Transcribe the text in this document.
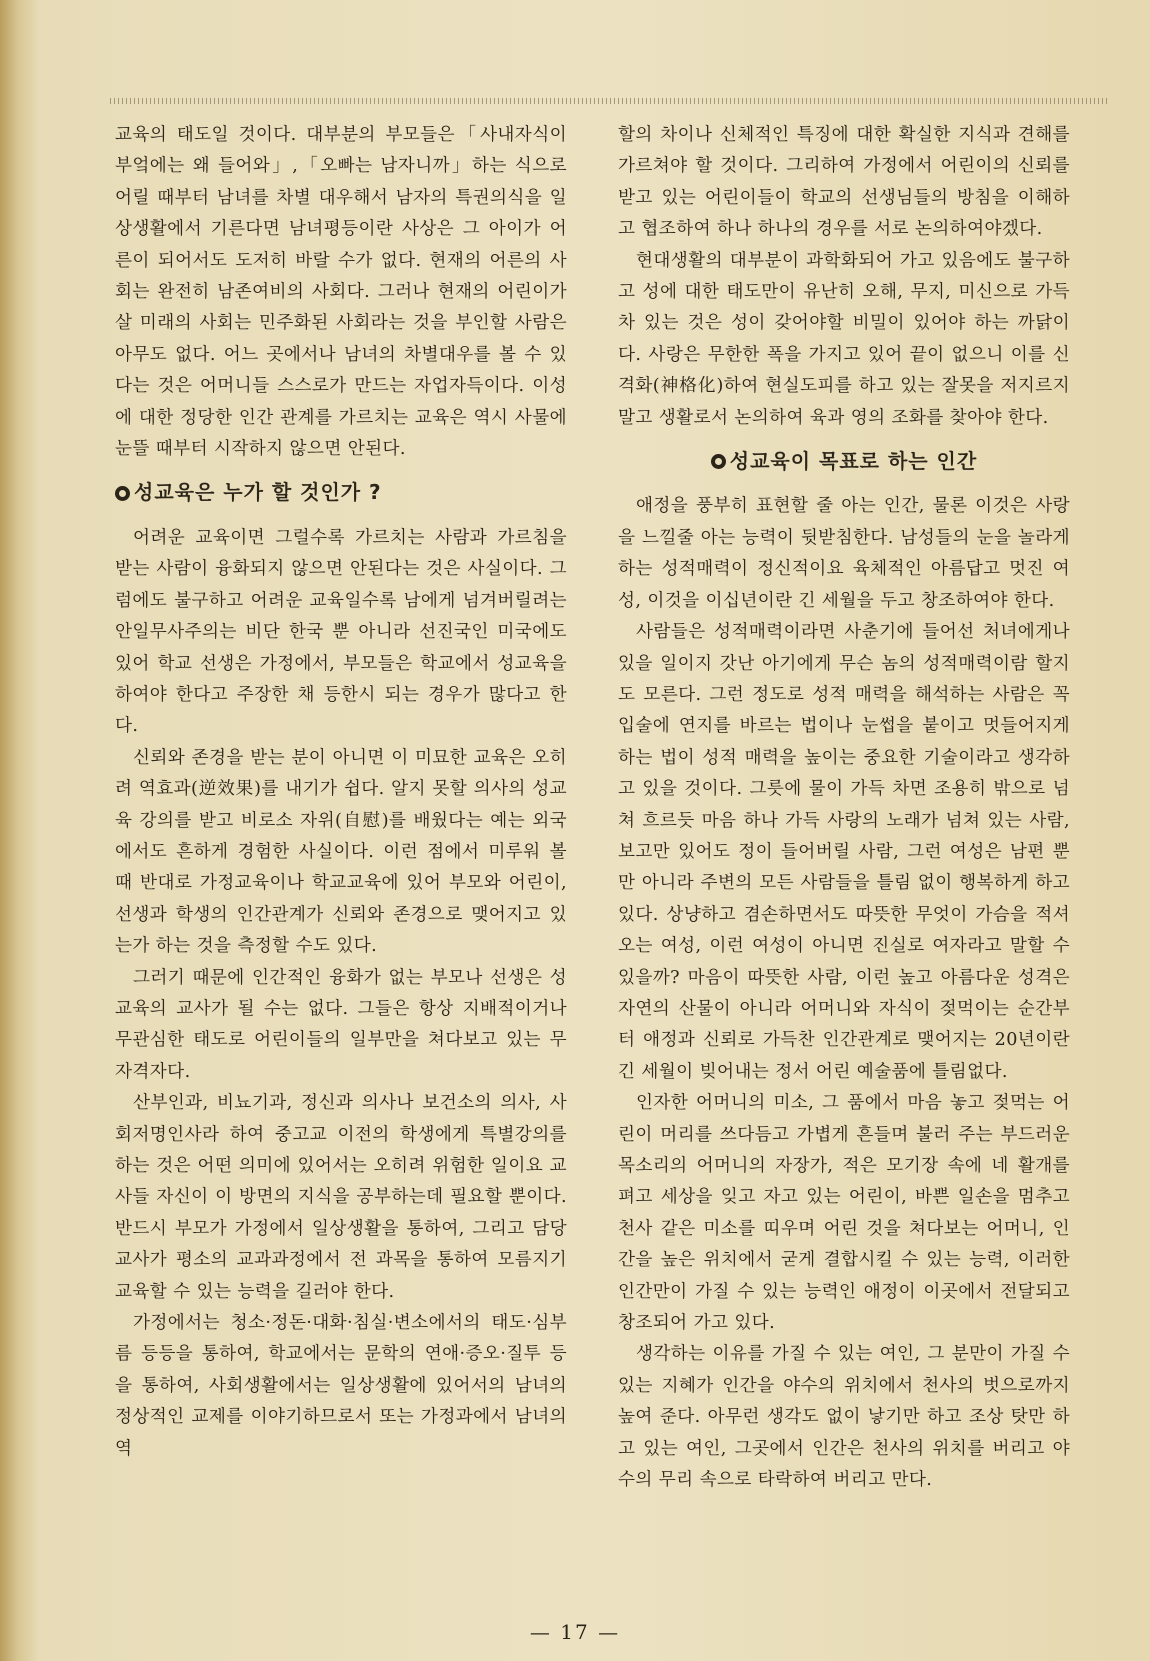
교육의 태도일 것이다. 대부분의 부모들은「사내자식이 부엌에는 왜 들어와」,「오빠는 남자니까」하는 식으로 어릴 때부터 남녀를 차별 대우해서 남자의 특권의식을 일상생활에서 기른다면 남녀평등이란 사상은 그 아이가 어른이 되어서도 도저히 바랄 수가 없다. 현재의 어른의 사회는 완전히 남존여비의 사회다. 그러나 현재의 어린이가 살 미래의 사회는 민주화된 사회라는 것을 부인할 사람은 아무도 없다. 어느 곳에서나 남녀의 차별대우를 볼 수 있다는 것은 어머니들 스스로가 만드는 자업자득이다. 이성에 대한 정당한 인간 관계를 가르치는 교육은 역시 사물에 눈뜰 때부터 시작하지 않으면 안된다.

성교육은 누가 할 것인가 ?

어려운 교육이면 그럴수록 가르치는 사람과 가르침을 받는 사람이 융화되지 않으면 안된다는 것은 사실이다. 그럼에도 불구하고 어려운 교육일수록 남에게 넘겨버릴려는 안일무사주의는 비단 한국 뿐 아니라 선진국인 미국에도 있어 학교 선생은 가정에서, 부모들은 학교에서 성교육을 하여야 한다고 주장한 채 등한시 되는 경우가 많다고 한다.

신뢰와 존경을 받는 분이 아니면 이 미묘한 교육은 오히려 역효과(逆效果)를 내기가 쉽다. 알지 못할 의사의 성교육 강의를 받고 비로소 자위(自慰)를 배웠다는 예는 외국에서도 흔하게 경험한 사실이다. 이런 점에서 미루워 볼 때 반대로 가정교육이나 학교교육에 있어 부모와 어린이, 선생과 학생의 인간관계가 신뢰와 존경으로 맺어지고 있는가 하는 것을 측정할 수도 있다.

그러기 때문에 인간적인 융화가 없는 부모나 선생은 성교육의 교사가 될 수는 없다. 그들은 항상 지배적이거나 무관심한 태도로 어린이들의 일부만을 쳐다보고 있는 무자격자다.

산부인과, 비뇨기과, 정신과 의사나 보건소의 의사, 사회저명인사라 하여 중고교 이전의 학생에게 특별강의를 하는 것은 어떤 의미에 있어서는 오히려 위험한 일이요 교사들 자신이 이 방면의 지식을 공부하는데 필요할 뿐이다. 반드시 부모가 가정에서 일상생활을 통하여, 그리고 담당교사가 평소의 교과과정에서 전 과목을 통하여 모름지기 교육할 수 있는 능력을 길러야 한다.

가정에서는 청소·정돈·대화·침실·변소에서의 태도·심부름 등등을 통하여, 학교에서는 문학의 연애·증오·질투 등을 통하여, 사회생활에서는 일상생활에 있어서의 남녀의 정상적인 교제를 이야기하므로서 또는 가정과에서 남녀의 역

할의 차이나 신체적인 특징에 대한 확실한 지식과 견해를 가르쳐야 할 것이다. 그리하여 가정에서 어린이의 신뢰를 받고 있는 어린이들이 학교의 선생님들의 방침을 이해하고 협조하여 하나 하나의 경우를 서로 논의하여야겠다.

현대생활의 대부분이 과학화되어 가고 있음에도 불구하고 성에 대한 태도만이 유난히 오해, 무지, 미신으로 가득차 있는 것은 성이 갖어야할 비밀이 있어야 하는 까닭이다. 사랑은 무한한 폭을 가지고 있어 끝이 없으니 이를 신격화(神格化)하여 현실도피를 하고 있는 잘못을 저지르지 말고 생활로서 논의하여 육과 영의 조화를 찾아야 한다.

성교육이 목표로 하는 인간

애정을 풍부히 표현할 줄 아는 인간, 물론 이것은 사랑을 느낄줄 아는 능력이 뒷받침한다. 남성들의 눈을 놀라게 하는 성적매력이 정신적이요 육체적인 아름답고 멋진 여성, 이것을 이십년이란 긴 세월을 두고 창조하여야 한다.

사람들은 성적매력이라면 사춘기에 들어선 처녀에게나 있을 일이지 갓난 아기에게 무슨 놈의 성적매력이람 할지도 모른다. 그런 정도로 성적 매력을 해석하는 사람은 꼭 입술에 연지를 바르는 법이나 눈썹을 붙이고 멋들어지게 하는 법이 성적 매력을 높이는 중요한 기술이라고 생각하고 있을 것이다. 그릇에 물이 가득 차면 조용히 밖으로 넘쳐 흐르듯 마음 하나 가득 사랑의 노래가 넘쳐 있는 사람, 보고만 있어도 정이 들어버릴 사람, 그런 여성은 남편 뿐만 아니라 주변의 모든 사람들을 틀림 없이 행복하게 하고 있다. 상냥하고 겸손하면서도 따뜻한 무엇이 가슴을 적셔오는 여성, 이런 여성이 아니면 진실로 여자라고 말할 수 있을까? 마음이 따뜻한 사람, 이런 높고 아름다운 성격은 자연의 산물이 아니라 어머니와 자식이 젖먹이는 순간부터 애정과 신뢰로 가득찬 인간관계로 맺어지는 20년이란 긴 세월이 빚어내는 정서 어린 예술품에 틀림없다.

인자한 어머니의 미소, 그 품에서 마음 놓고 젖먹는 어린이 머리를 쓰다듬고 가볍게 흔들며 불러 주는 부드러운 목소리의 어머니의 자장가, 적은 모기장 속에 네 활개를 펴고 세상을 잊고 자고 있는 어린이, 바쁜 일손을 멈추고 천사 같은 미소를 띠우며 어린 것을 쳐다보는 어머니, 인간을 높은 위치에서 굳게 결합시킬 수 있는 능력, 이러한 인간만이 가질 수 있는 능력인 애정이 이곳에서 전달되고 창조되어 가고 있다.

생각하는 이유를 가질 수 있는 여인, 그 분만이 가질 수 있는 지혜가 인간을 야수의 위치에서 천사의 벗으로까지 높여 준다. 아무런 생각도 없이 낳기만 하고 조상 탓만 하고 있는 여인, 그곳에서 인간은 천사의 위치를 버리고 야수의 무리 속으로 타락하여 버리고 만다.

— 17 —
